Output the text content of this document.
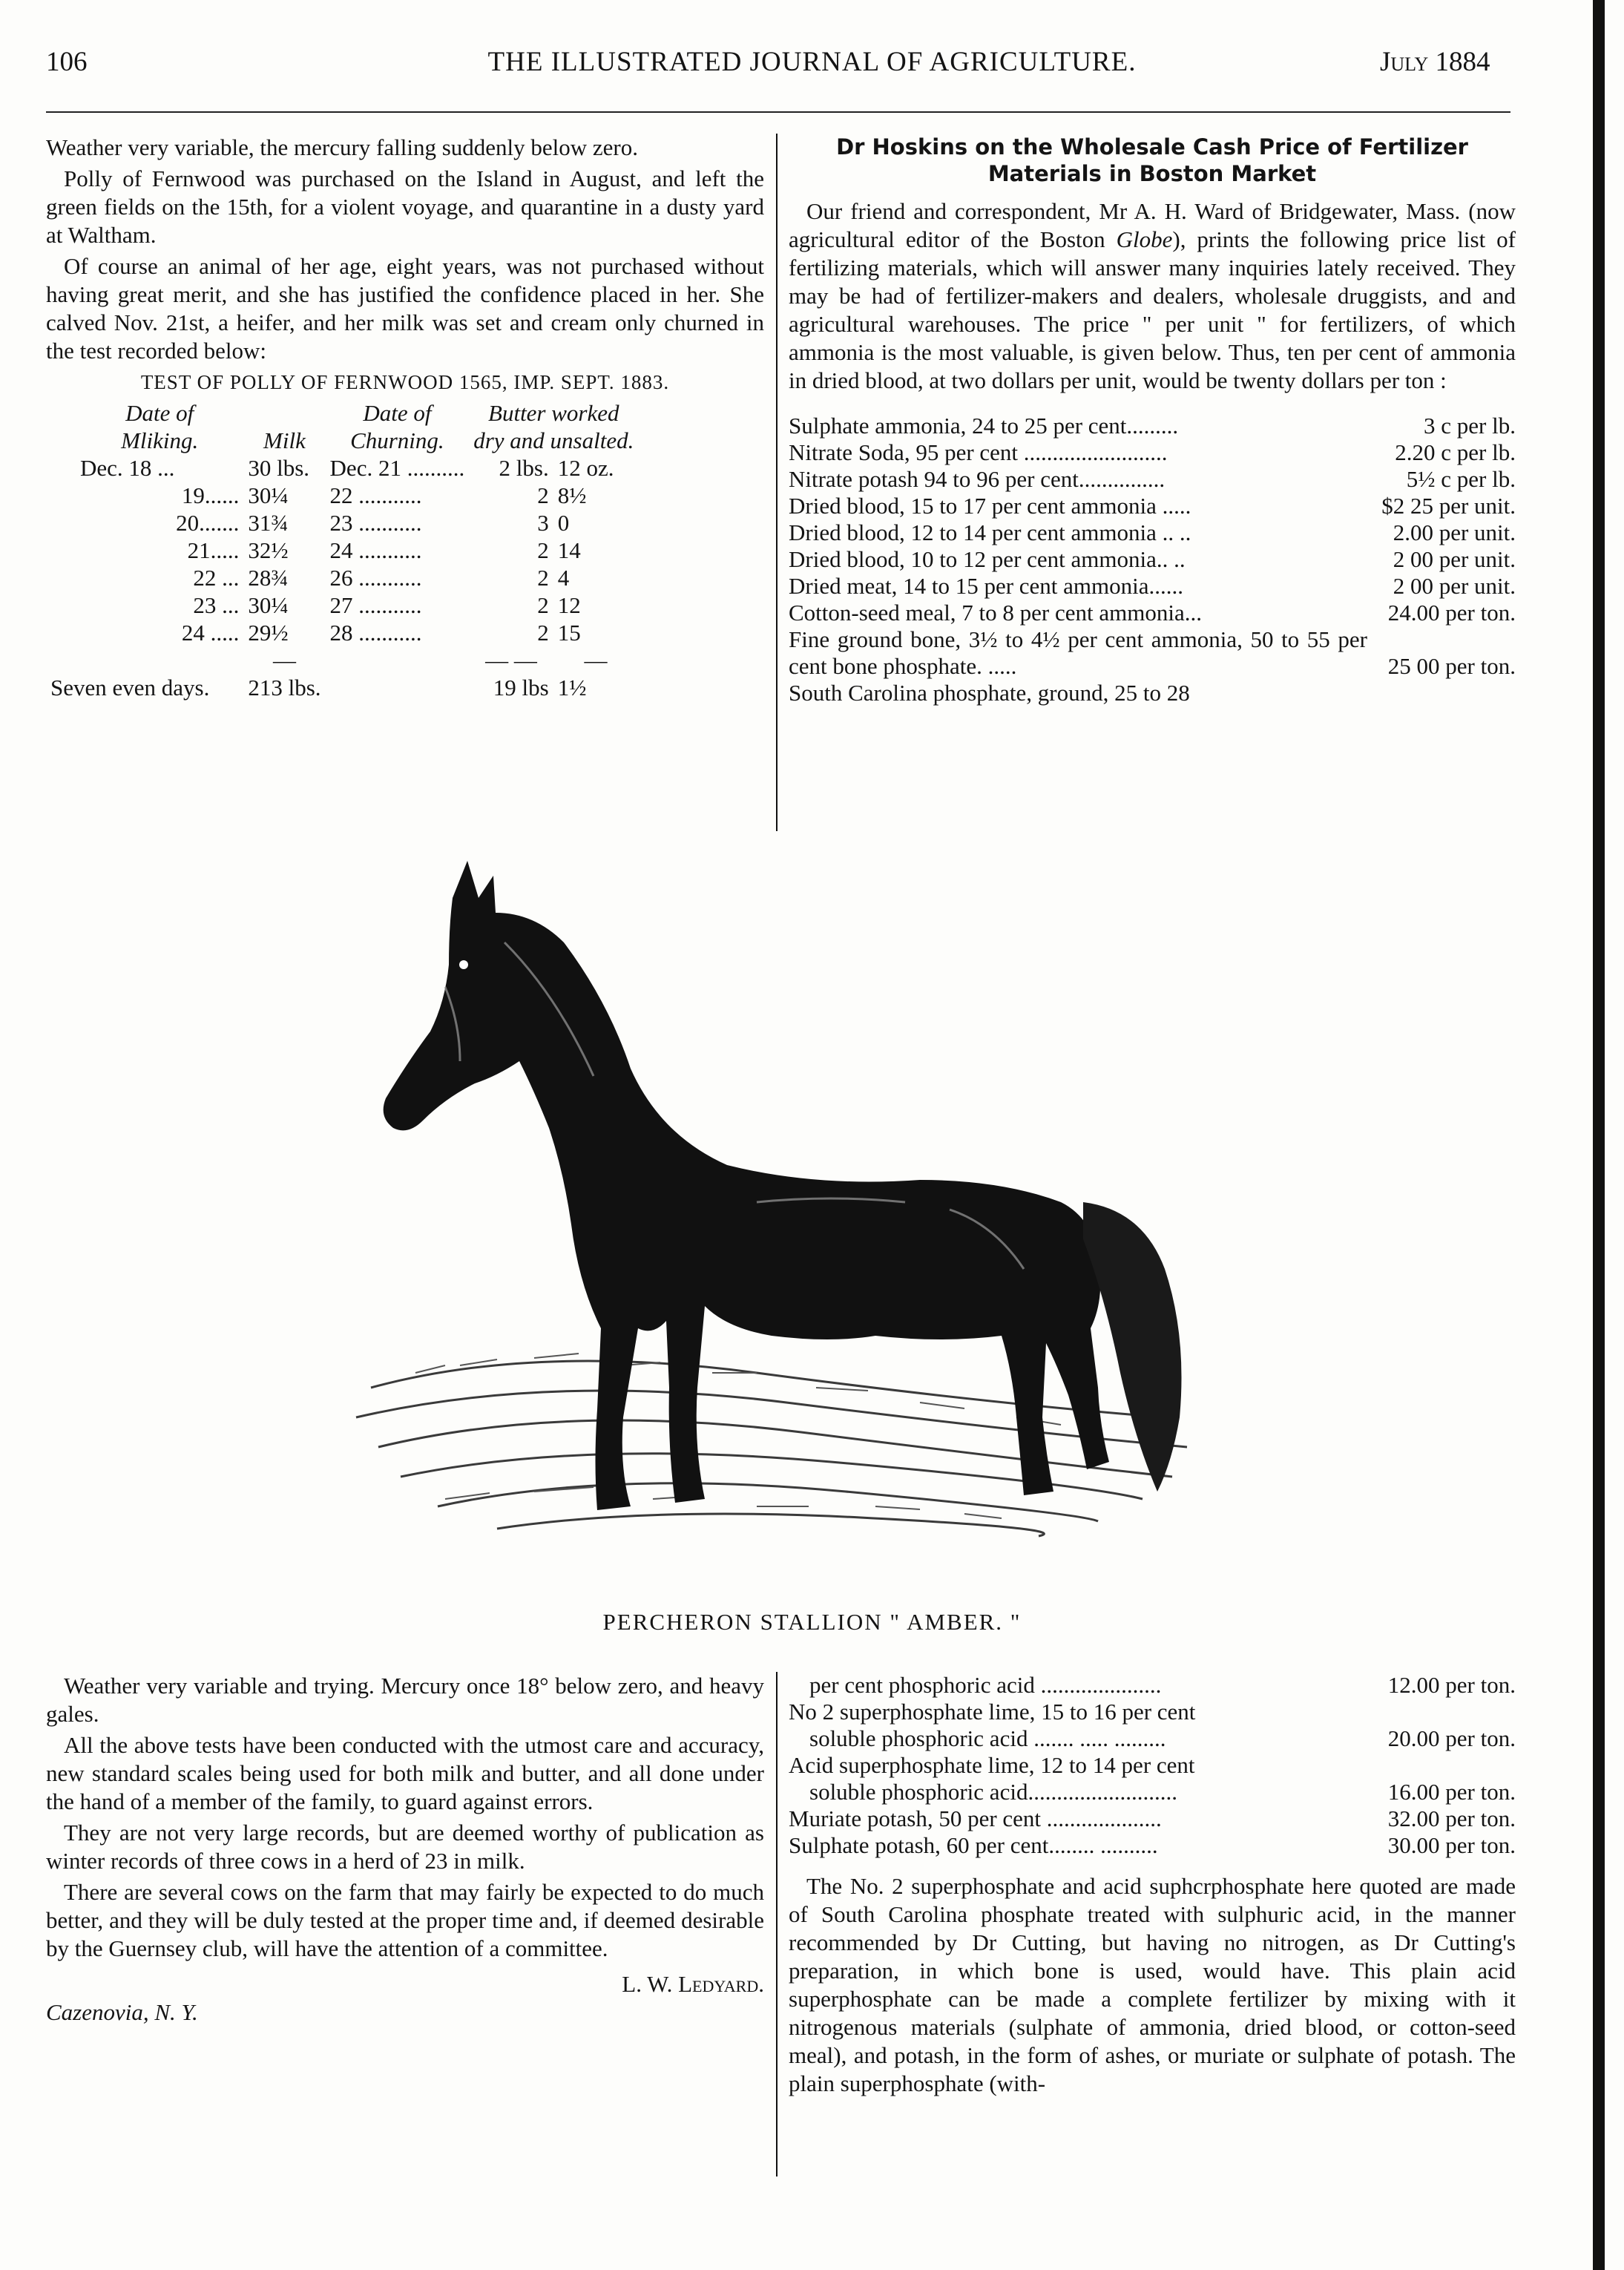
106	THE ILLUSTRATED JOURNAL OF AGRICULTURE.	July 1884

Weather very variable, the mercury falling suddenly below zero.

Polly of Fernwood was purchased on the Island in August, and left the green fields on the 15th, for a violent voyage, and quarantine in a dusty yard at Waltham.

Of course an animal of her age, eight years, was not purchased without having great merit, and she has justified the confidence placed in her. She calved Nov. 21st, a heifer, and her milk was set and cream only churned in the test recorded below:

TEST OF POLLY OF FERNWOOD 1565, IMP. SEPT. 1883.

Date of		Date of	Butter worked
Mliking.	Milk	Churning.	dry and unsalted.
Dec. 18 ...	30 lbs.	Dec. 21 ..........	2 lbs.	12 oz.
19......	30¼	22 ...........	2	8½
20.......	31¾	23 ...........	3	0
21.....	32½	24 ...........	2	14
22 ...	28¾	26 ...........	2	4
23 ...	30¼	27 ...........	2	12
24 .....	29½	28 ...........	2	15
	—		— —	—
Seven even days.	213 lbs.		19 lbs	1½
Dr Hoskins on the Wholesale Cash Price of Fertilizer Materials in Boston Market

Our friend and correspondent, Mr A. H. Ward of Bridgewater, Mass. (now agricultural editor of the Boston Globe), prints the following price list of fertilizing materials, which will answer many inquiries lately received. They may be had of fertilizer-makers and dealers, wholesale druggists, and and agricultural warehouses. The price " per unit " for fertilizers, of which ammonia is the most valuable, is given below. Thus, ten per cent of ammonia in dried blood, at two dollars per unit, would be twenty dollars per ton :

Sulphate ammonia, 24 to 25 per cent.........	3 c per lb.
Nitrate Soda, 95 per cent .........................	2.20 c per lb.
Nitrate potash 94 to 96 per cent...............	5½ c per lb.
Dried blood, 15 to 17 per cent ammonia .....	$2 25 per unit.
Dried blood, 12 to 14 per cent ammonia .. ..	2.00 per unit.
Dried blood, 10 to 12 per cent ammonia.. ..	2 00 per unit.
Dried meat, 14 to 15 per cent ammonia......	2 00 per unit.
Cotton-seed meal, 7 to 8 per cent ammonia...	24.00 per ton.
Fine ground bone, 3½ to 4½ per cent ammonia, 50 to 55 per cent bone phosphate. .....	25 00 per ton.
South Carolina phosphate, ground, 25 to 28	
PERCHERON STALLION " AMBER. "

Weather very variable and trying. Mercury once 18° below zero, and heavy gales.

All the above tests have been conducted with the utmost care and accuracy, new standard scales being used for both milk and butter, and all done under the hand of a member of the family, to guard against errors.

They are not very large records, but are deemed worthy of publication as winter records of three cows in a herd of 23 in milk.

There are several cows on the farm that may fairly be expected to do much better, and they will be duly tested at the proper time and, if deemed desirable by the Guernsey club, will have the attention of a committee.

L. W. Ledyard.
Cazenovia, N. Y.
per cent phosphoric acid .....................	12.00 per ton.
No 2 superphosphate lime, 15 to 16 per cent	
soluble phosphoric acid ....... ..... .........	20.00 per ton.
Acid superphosphate lime, 12 to 14 per cent	
soluble phosphoric acid..........................	16.00 per ton.
Muriate potash, 50 per cent ....................	32.00 per ton.
Sulphate potash, 60 per cent........ ..........	30.00 per ton.

The No. 2 superphosphate and acid suphcrphosphate here quoted are made of South Carolina phosphate treated with sulphuric acid, in the manner recommended by Dr Cutting, but having no nitrogen, as Dr Cutting's preparation, in which bone is used, would have. This plain acid superphosphate can be made a complete fertilizer by mixing with it nitrogenous materials (sulphate of ammonia, dried blood, or cotton-seed meal), and potash, in the form of ashes, or muriate or sulphate of potash. The plain superphosphate (with-
